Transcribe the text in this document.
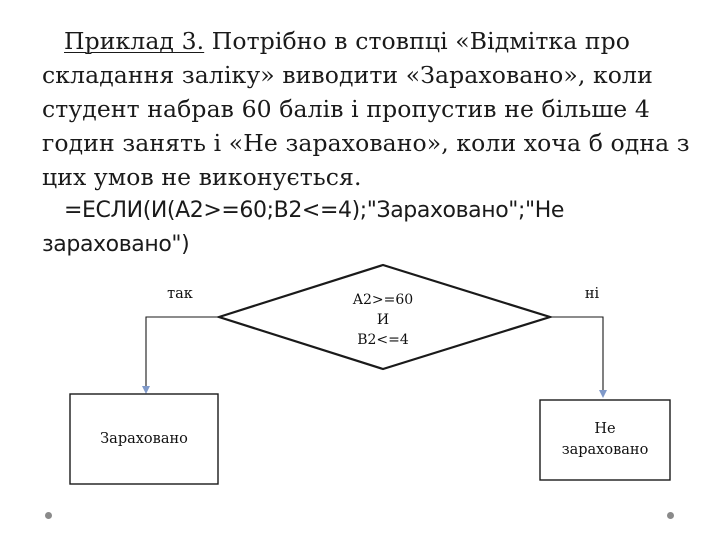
Приклад 3. Потрібно в стовпці «Відмітка про складання заліку» виводити «Зараховано», коли студент набрав 60 балів і пропустив не більше 4 годин занять і «Не зараховано», коли хоча б одна з цих умов не виконується.

=ЕСЛИ(И(A2>=60;B2<=4);"Зараховано";"Не зараховано")

так	ні
A2>=60
И
B2<=4
Зараховано
Не зараховано
